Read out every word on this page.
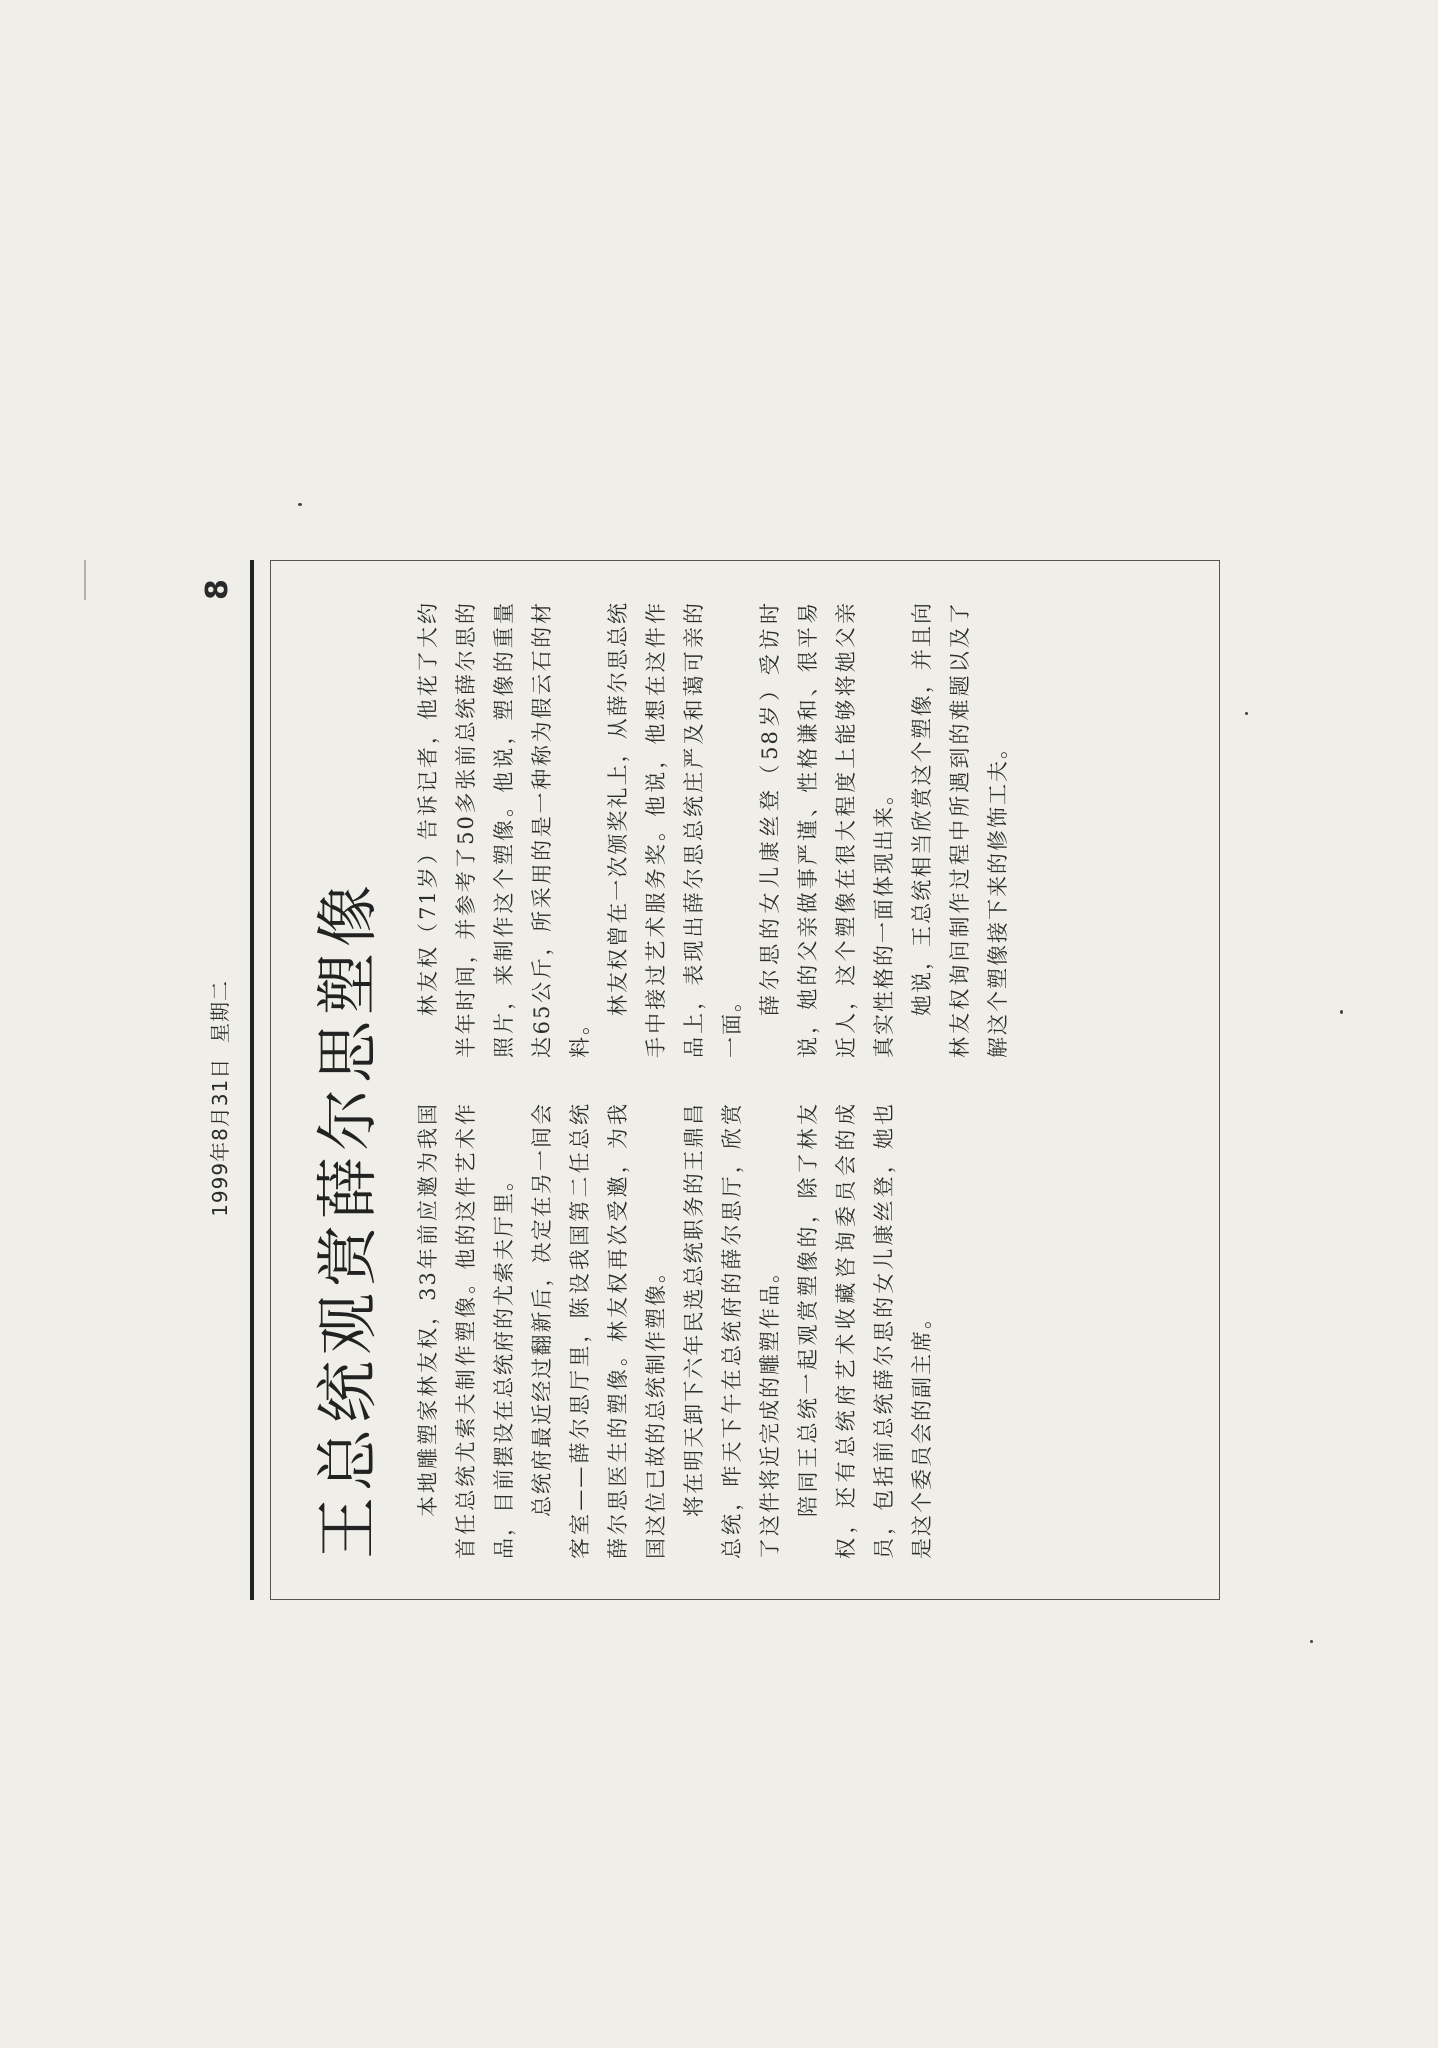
1999年8月31日  星期二
8
王总统观赏薛尔思塑像	本地雕塑家林友权，33年前应邀为我国首任总统尤索夫制作塑像。他的这件艺术作品，目前摆设在总统府的尤索夫厅里。 总统府最近经过翻新后，决定在另一间会客室——薛尔思厅里，陈设我国第二任总统薛尔思医生的塑像。林友权再次受邀，为我国这位已故的总统制作塑像。 将在明天卸下六年民选总统职务的王鼎昌总统，昨天下午在总统府的薛尔思厅，欣赏了这件将近完成的雕塑作品。 陪同王总统一起观赏塑像的，除了林友权，还有总统府艺术收藏咨询委员会的成员，包括前总统薛尔思的女儿康丝登，她也是这个委员会的副主席。

林友权（71岁）告诉记者，他花了大约半年时间，并参考了50多张前总统薛尔思的照片，来制作这个塑像。他说，塑像的重量达65公斤，所采用的是一种称为假云石的材料。

林友权曾在一次颁奖礼上，从薛尔思总统手中接过艺术服务奖。他说，他想在这件作品上，表现出薛尔思总统庄严及和蔼可亲的一面。

薛尔思的女儿康丝登（58岁）受访时说，她的父亲做事严谨、性格谦和、很平易近人，这个塑像在很大程度上能够将她父亲真实性格的一面体现出来。 她说，王总统相当欣赏这个塑像，并且向林友权询问制作过程中所遇到的难题以及了解这个塑像接下来的修饰工夫。
